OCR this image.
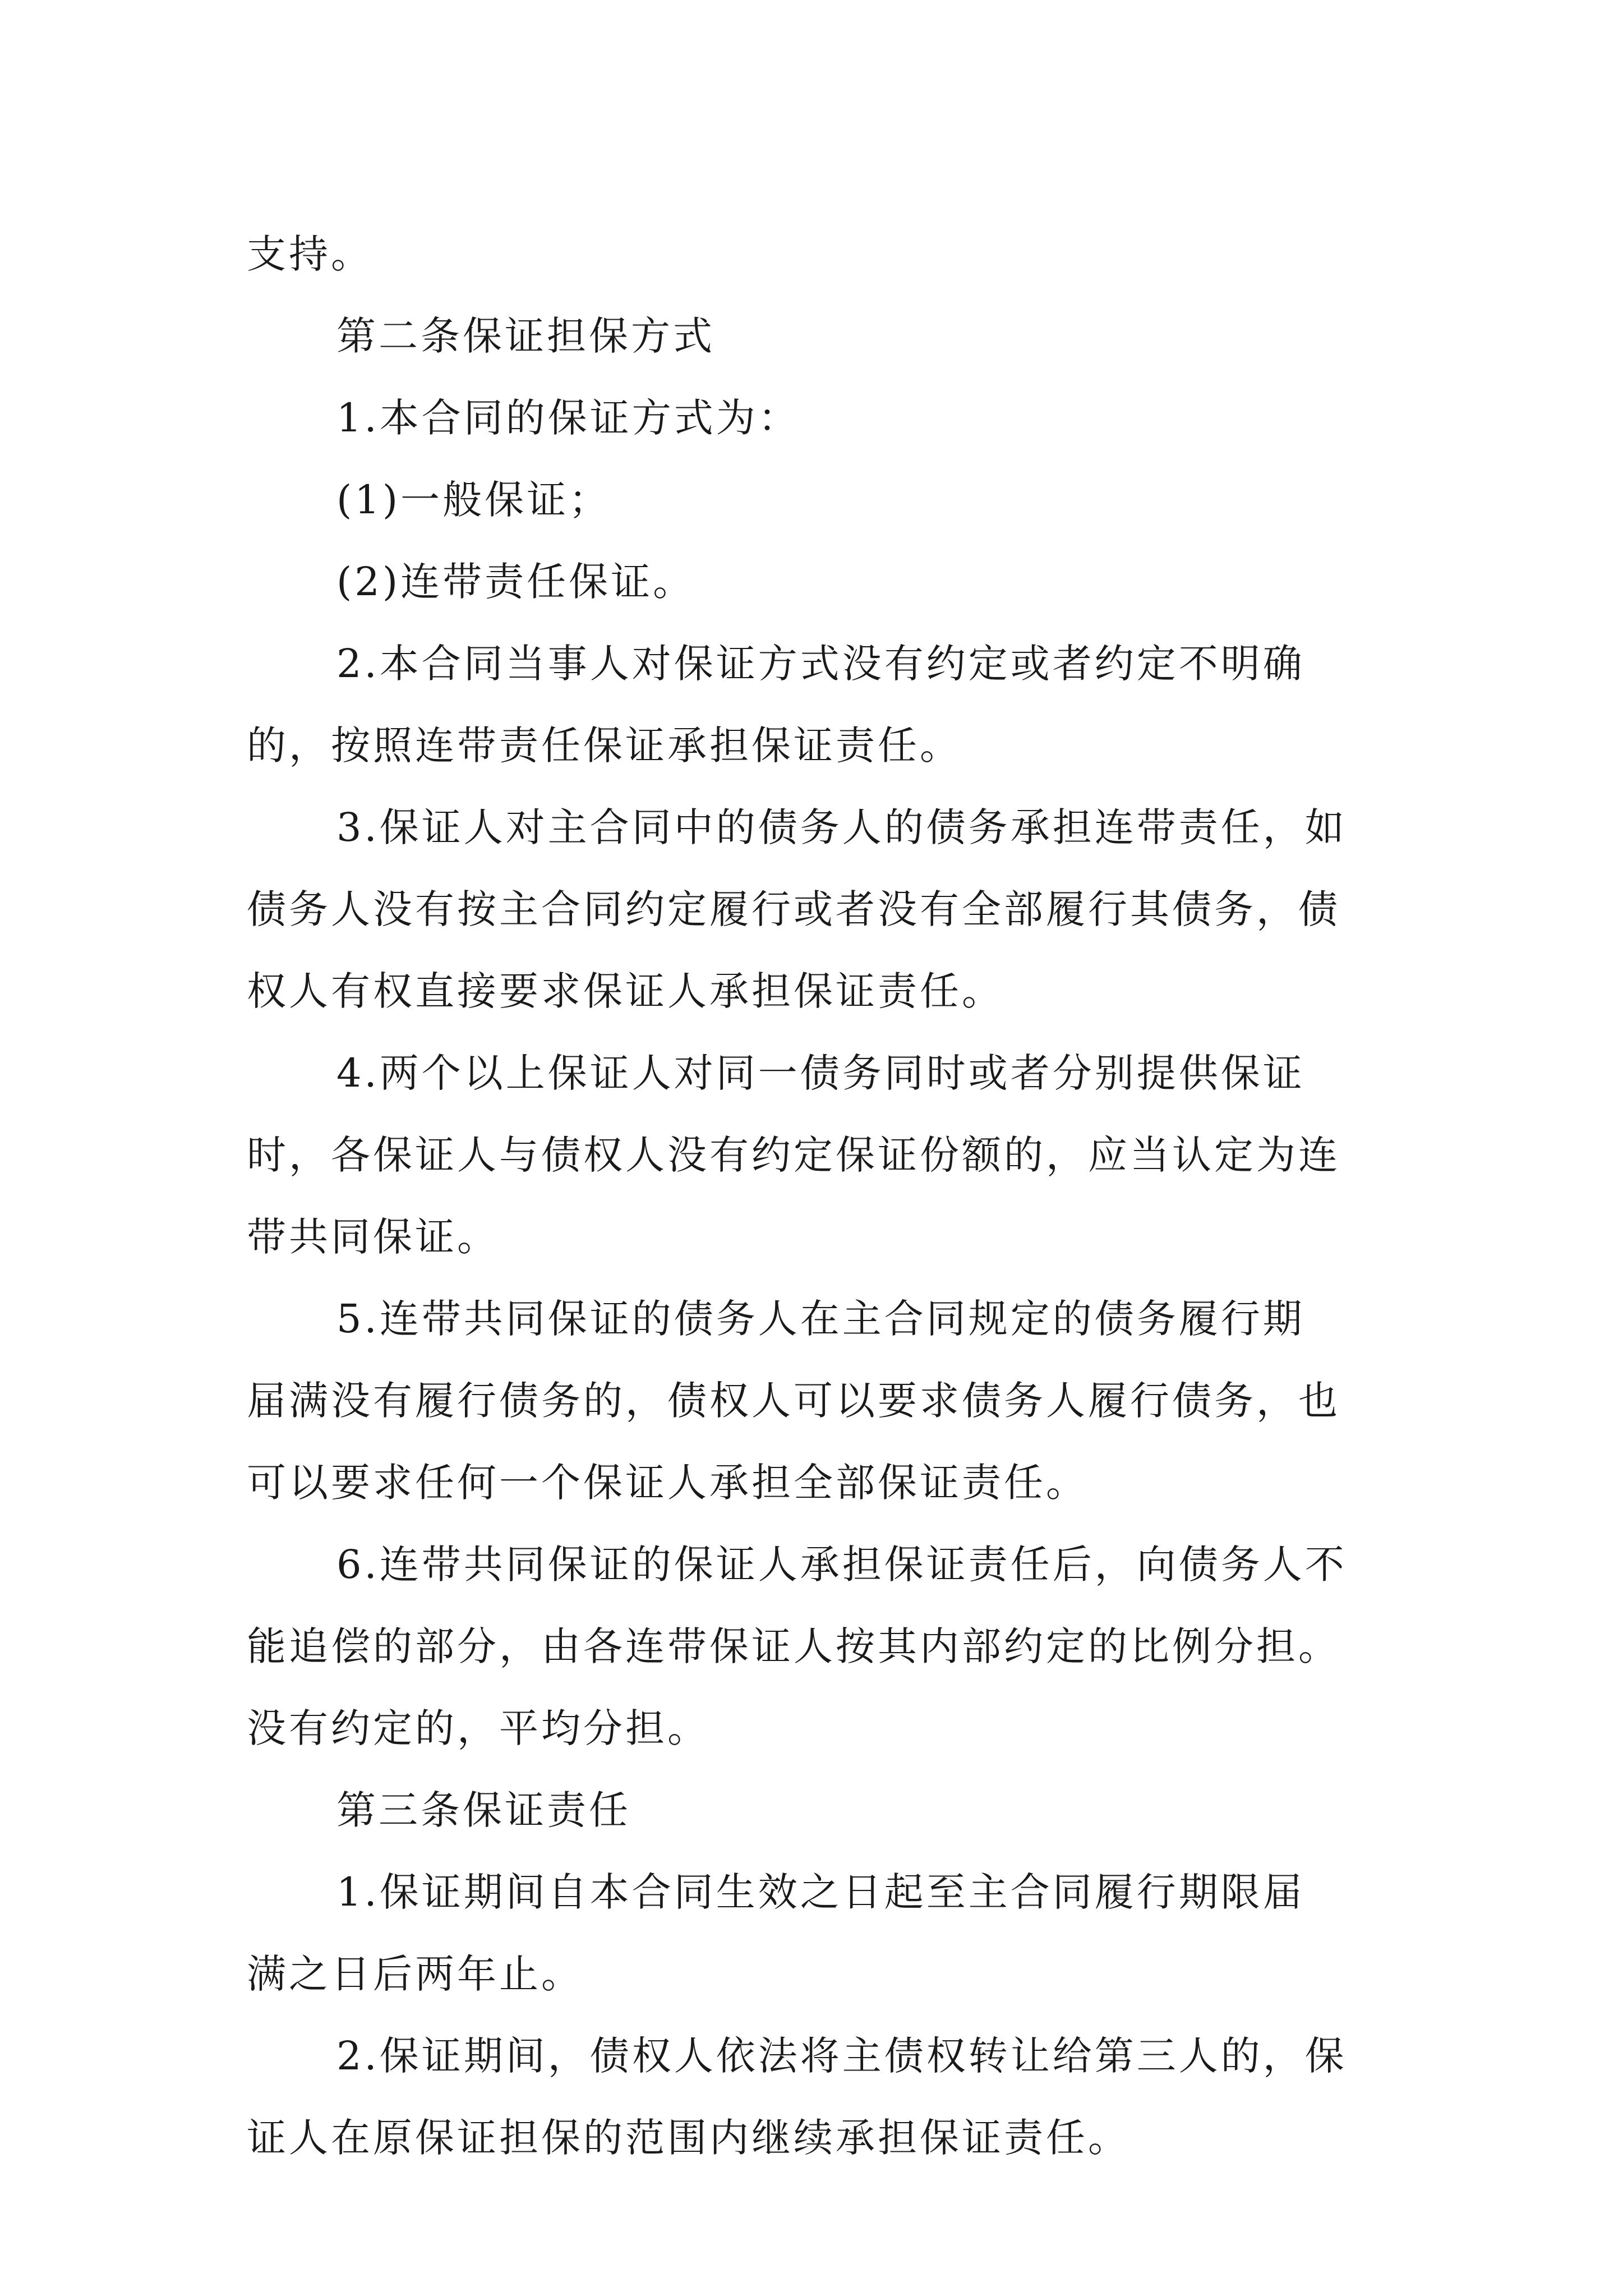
支持。
第二条保证担保方式
1.本合同的保证方式为：
(1)一般保证；
(2)连带责任保证。
2.本合同当事人对保证方式没有约定或者约定不明确
的，按照连带责任保证承担保证责任。
3.保证人对主合同中的债务人的债务承担连带责任，如
债务人没有按主合同约定履行或者没有全部履行其债务，债
权人有权直接要求保证人承担保证责任。
4.两个以上保证人对同一债务同时或者分别提供保证
时，各保证人与债权人没有约定保证份额的，应当认定为连
带共同保证。
5.连带共同保证的债务人在主合同规定的债务履行期
届满没有履行债务的，债权人可以要求债务人履行债务，也
可以要求任何一个保证人承担全部保证责任。
6.连带共同保证的保证人承担保证责任后，向债务人不
能追偿的部分，由各连带保证人按其内部约定的比例分担。
没有约定的，平均分担。
第三条保证责任
1.保证期间自本合同生效之日起至主合同履行期限届
满之日后两年止。
2.保证期间，债权人依法将主债权转让给第三人的，保
证人在原保证担保的范围内继续承担保证责任。
